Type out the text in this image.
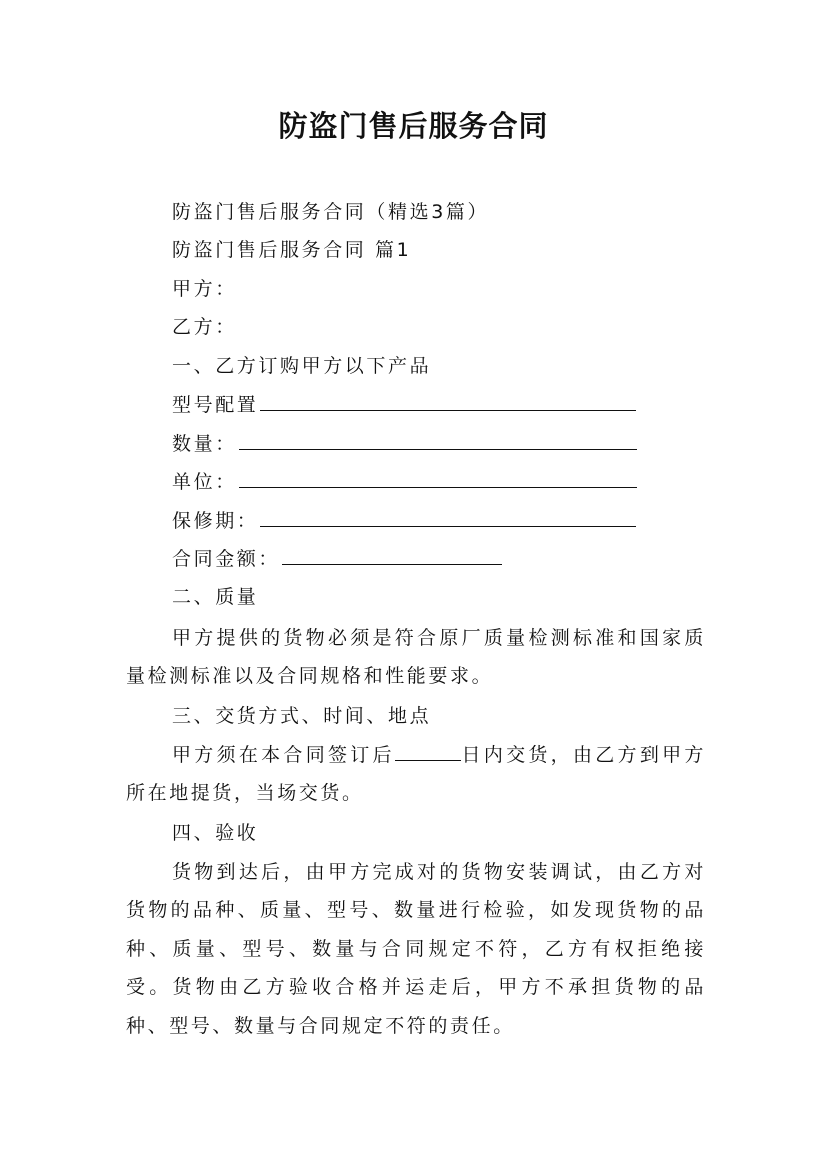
防盗门售后服务合同
防盗门售后服务合同（精选3篇）
防盗门售后服务合同 篇1
甲方：
乙方：
一、乙方订购甲方以下产品
型号配置
数量：
单位：
保修期：
合同金额：
二、质量
甲方提供的货物必须是符合原厂质量检测标准和国家质量检测标准以及合同规格和性能要求。
三、交货方式、时间、地点
甲方须在本合同签订后	日内交货，由乙方到甲方所在地提货，当场交货。
四、验收
货物到达后，由甲方完成对的货物安装调试，由乙方对货物的品种、质量、型号、数量进行检验，如发现货物的品种、质量、型号、数量与合同规定不符，乙方有权拒绝接受。货物由乙方验收合格并运走后，甲方不承担货物的品种、型号、数量与合同规定不符的责任。
